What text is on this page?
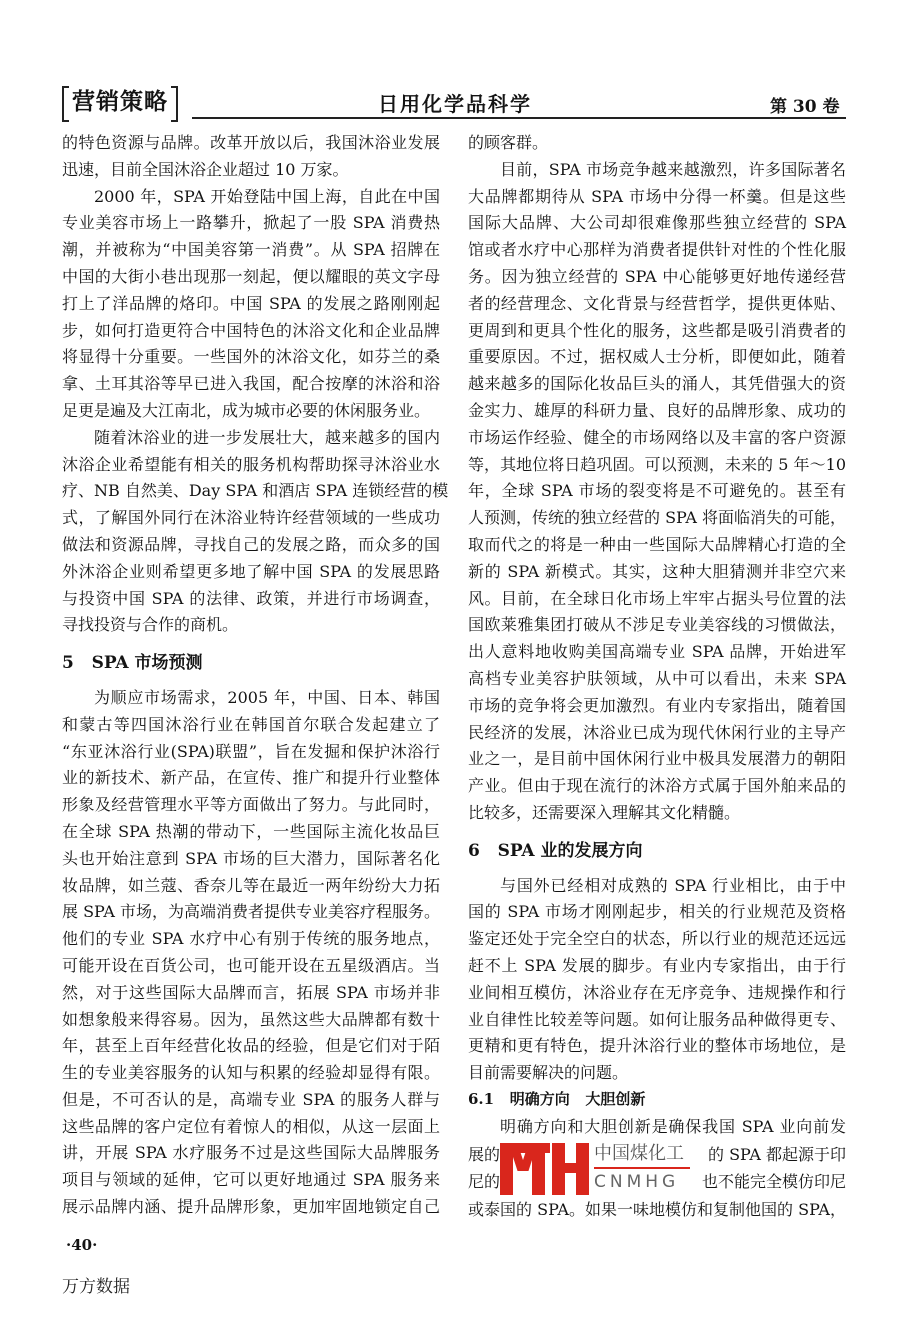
营销策略	日用化学品科学	第 30 卷
的特色资源与品牌。改革开放以后，我国沐浴业发展
迅速，目前全国沐浴企业超过 10 万家。
2000 年，SPA 开始登陆中国上海，自此在中国
专业美容市场上一路攀升，掀起了一股 SPA 消费热
潮，并被称为“中国美容第一消费”。从 SPA 招牌在
中国的大街小巷出现那一刻起，便以耀眼的英文字母
打上了洋品牌的烙印。中国 SPA 的发展之路刚刚起
步，如何打造更符合中国特色的沐浴文化和企业品牌
将显得十分重要。一些国外的沐浴文化，如芬兰的桑
拿、土耳其浴等早已进入我国，配合按摩的沐浴和浴
足更是遍及大江南北，成为城市必要的休闲服务业。
随着沐浴业的进一步发展壮大，越来越多的国内
沐浴企业希望能有相关的服务机构帮助探寻沐浴业水
疗、NB 自然美、Day SPA 和酒店 SPA 连锁经营的模
式，了解国外同行在沐浴业特许经营领域的一些成功
做法和资源品牌，寻找自己的发展之路，而众多的国
外沐浴企业则希望更多地了解中国 SPA 的发展思路
与投资中国 SPA 的法律、政策，并进行市场调查，
寻找投资与合作的商机。
5   SPA 市场预测
为顺应市场需求，2005 年，中国、日本、韩国
和蒙古等四国沐浴行业在韩国首尔联合发起建立了
“东亚沐浴行业(SPA)联盟”，旨在发掘和保护沐浴行
业的新技术、新产品，在宣传、推广和提升行业整体
形象及经营管理水平等方面做出了努力。与此同时，
在全球 SPA 热潮的带动下，一些国际主流化妆品巨
头也开始注意到 SPA 市场的巨大潜力，国际著名化
妆品牌，如兰蔻、香奈儿等在最近一两年纷纷大力拓
展 SPA 市场，为高端消费者提供专业美容疗程服务。
他们的专业 SPA 水疗中心有别于传统的服务地点，
可能开设在百货公司，也可能开设在五星级酒店。当
然，对于这些国际大品牌而言，拓展 SPA 市场并非
如想象般来得容易。因为，虽然这些大品牌都有数十
年，甚至上百年经营化妆品的经验，但是它们对于陌
生的专业美容服务的认知与积累的经验却显得有限。
但是，不可否认的是，高端专业 SPA 的服务人群与
这些品牌的客户定位有着惊人的相似，从这一层面上
讲，开展 SPA 水疗服务不过是这些国际大品牌服务
项目与领域的延伸，它可以更好地通过 SPA 服务来
展示品牌内涵、提升品牌形象，更加牢固地锁定自己
的顾客群。
目前，SPA 市场竞争越来越激烈，许多国际著名
大品牌都期待从 SPA 市场中分得一杯羹。但是这些
国际大品牌、大公司却很难像那些独立经营的 SPA
馆或者水疗中心那样为消费者提供针对性的个性化服
务。因为独立经营的 SPA 中心能够更好地传递经营
者的经营理念、文化背景与经营哲学，提供更体贴、
更周到和更具个性化的服务，这些都是吸引消费者的
重要原因。不过，据权威人士分析，即便如此，随着
越来越多的国际化妆品巨头的涌人，其凭借强大的资
金实力、雄厚的科研力量、良好的品牌形象、成功的
市场运作经验、健全的市场网络以及丰富的客户资源
等，其地位将日趋巩固。可以预测，未来的 5 年～10
年，全球 SPA 市场的裂变将是不可避免的。甚至有
人预测，传统的独立经营的 SPA 将面临消失的可能，
取而代之的将是一种由一些国际大品牌精心打造的全
新的 SPA 新模式。其实，这种大胆猜测并非空穴来
风。目前，在全球日化市场上牢牢占据头号位置的法
国欧莱雅集团打破从不涉足专业美容线的习惯做法，
出人意料地收购美国高端专业 SPA 品牌，开始进军
高档专业美容护肤领域，从中可以看出，未来 SPA
市场的竞争将会更加激烈。有业内专家指出，随着国
民经济的发展，沐浴业已成为现代休闲行业的主导产
业之一，是目前中国休闲行业中极具发展潜力的朝阳
产业。但由于现在流行的沐浴方式属于国外舶来品的
比较多，还需要深入理解其文化精髓。
6   SPA 业的发展方向
与国外已经相对成熟的 SPA 行业相比，由于中
国的 SPA 市场才刚刚起步，相关的行业规范及资格
鉴定还处于完全空白的状态，所以行业的规范还远远
赶不上 SPA 发展的脚步。有业内专家指出，由于行
业间相互模仿，沐浴业存在无序竞争、违规操作和行
业自律性比较差等问题。如何让服务品种做得更专、
更精和更有特色，提升沐浴行业的整体市场地位，是
目前需要解决的问题。
6.1   明确方向   大胆创新
明确方向和大胆创新是确保我国 SPA 业向前发
展的	的 SPA 都起源于印
尼的	也不能完全模仿印尼
或泰国的 SPA。如果一味地模仿和复制他国的 SPA，
中国煤化工
CNMHG
·40·
万方数据
